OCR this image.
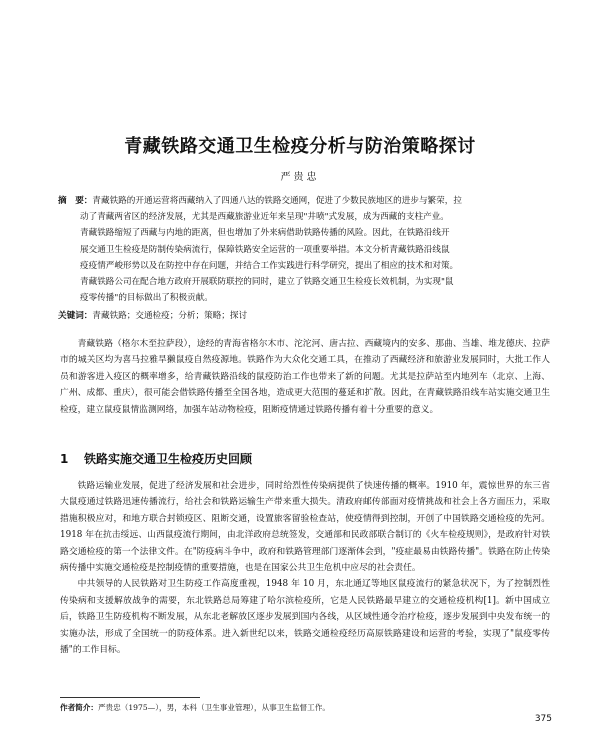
青藏铁路交通卫生检疫分析与防治策略探讨
严贵忠

摘　要：青藏铁路的开通运营将西藏纳入了四通八达的铁路交通网，促进了少数民族地区的进步与繁荣，拉

动了青藏两省区的经济发展，尤其是西藏旅游业近年来呈现"井喷"式发展，成为西藏的支柱产业。

青藏铁路缩短了西藏与内地的距离，但也增加了外来病借助铁路传播的风险。因此，在铁路沿线开

展交通卫生检疫是防制传染病流行，保障铁路安全运营的一项重要举措。本文分析青藏铁路沿线鼠

疫疫情严峻形势以及在防控中存在问题，并结合工作实践进行科学研究，提出了相应的技术和对策。

青藏铁路公司在配合地方政府开展联防联控的同时，建立了铁路交通卫生检疫长效机制，为实现"鼠

疫零传播"的目标做出了积极贡献。

关键词：青藏铁路；交通检疫；分析；策略；探讨

青藏铁路（格尔木至拉萨段），途经的青海省格尔木市、沱沱河、唐古拉、西藏境内的安多、那曲、当雄、堆龙德庆、拉萨市的城关区均为喜马拉雅旱獭鼠疫自然疫源地。铁路作为大众化交通工具，在推动了西藏经济和旅游业发展同时，大批工作人员和游客进入疫区的概率增多，给青藏铁路沿线的鼠疫防治工作也带来了新的问题。尤其是拉萨站至内地列车（北京、上海、广州、成都、重庆），很可能会借铁路传播至全国各地，造成更大范围的蔓延和扩散。因此，在青藏铁路沿线车站实施交通卫生检疫，建立鼠疫鼠情监测网络，加强车站动物检疫，阻断疫情通过铁路传播有着十分重要的意义。

1 铁路实施交通卫生检疫历史回顾

铁路运输业发展，促进了经济发展和社会进步，同时给烈性传染病提供了快速传播的概率。1910 年，震惊世界的东三省大鼠疫通过铁路迅速传播流行，给社会和铁路运输生产带来重大损失。清政府邮传部面对疫情挑战和社会上各方面压力，采取措施积极应对，和地方联合封锁疫区、阻断交通，设置旅客留验检查站，使疫情得到控制，开创了中国铁路交通检疫的先河。1918 年在抗击绥远、山西鼠疫流行期间，由北洋政府总统签发，交通部和民政部联合制订的《火车检疫规则》，是政府针对铁路交通检疫的第一个法律文件。在"防疫病斗争中，政府和铁路管理部门逐渐体会到，"疫症最易由铁路传播"。铁路在防止传染病传播中实施交通检疫是控制疫情的重要措施，也是在国家公共卫生危机中应尽的社会责任。

中共领导的人民铁路对卫生防疫工作高度重视，1948 年 10 月，东北通辽等地区鼠疫流行的紧急状况下，为了控制烈性传染病和支援解放战争的需要，东北铁路总局筹建了哈尔滨检疫所，它是人民铁路最早建立的交通检疫机构[1]。新中国成立后，铁路卫生防疫机构不断发展，从东北老解放区逐步发展到国内各线，从区域性通令治疗检疫，逐步发展到中央发布统一的实施办法，形成了全国统一的防疫体系。进入新世纪以来，铁路交通检疫经历高原铁路建设和运营的考验，实现了"鼠疫零传播"的工作目标。

作者简介：严贵忠（1975—），男，本科（卫生事业管理），从事卫生监督工作。
375
